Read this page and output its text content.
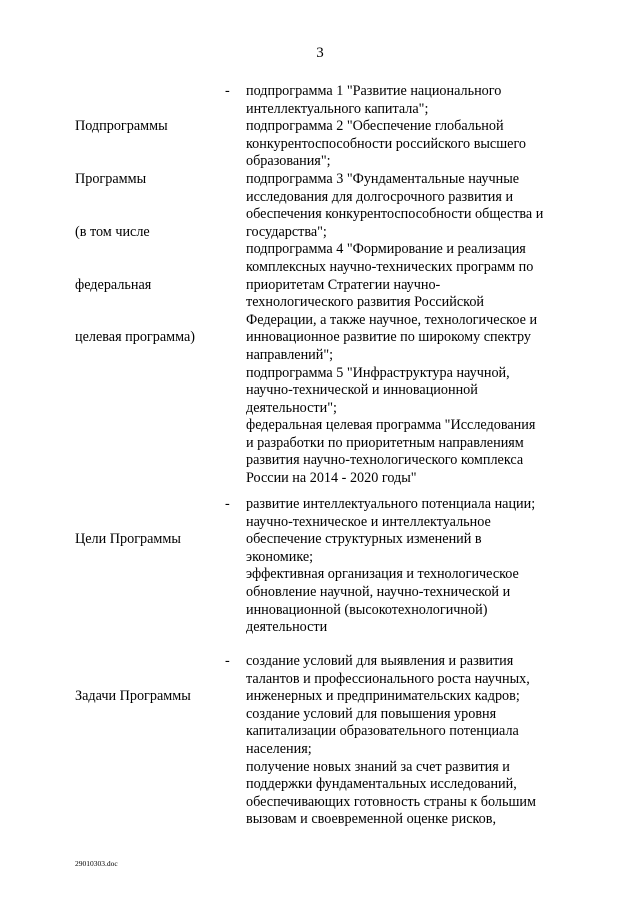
3

Подпрограммы

Программы

(в том числе

федеральная

целевая программа)

- подпрограмма 1 "Развитие национального
интеллектуального капитала";
подпрограмма 2 "Обеспечение глобальной
конкурентоспособности российского высшего
образования";
подпрограмма 3 "Фундаментальные научные
исследования для долгосрочного развития и
обеспечения конкурентоспособности общества и
государства";
подпрограмма 4 "Формирование и реализация
комплексных научно-технических программ по
приоритетам Стратегии научно-
технологического развития Российской
Федерации, а также научное, технологическое и
инновационное развитие по широкому спектру
направлений";
подпрограмма 5 "Инфраструктура научной,
научно-технической и инновационной
деятельности";
федеральная целевая программа "Исследования
и разработки по приоритетным направлениям
развития научно-технологического комплекса
России на 2014 - 2020 годы"

Цели Программы

- развитие интеллектуального потенциала нации;
научно-техническое и интеллектуальное
обеспечение структурных изменений в
экономике;
эффективная организация и технологическое
обновление научной, научно-технической и
инновационной (высокотехнологичной)
деятельности

Задачи Программы

- создание условий для выявления и развития
талантов и профессионального роста научных,
инженерных и предпринимательских кадров;
создание условий для повышения уровня
капитализации образовательного потенциала
населения;
получение новых знаний за счет развития и
поддержки фундаментальных исследований,
обеспечивающих готовность страны к большим
вызовам и своевременной оценке рисков,
29010303.doc
